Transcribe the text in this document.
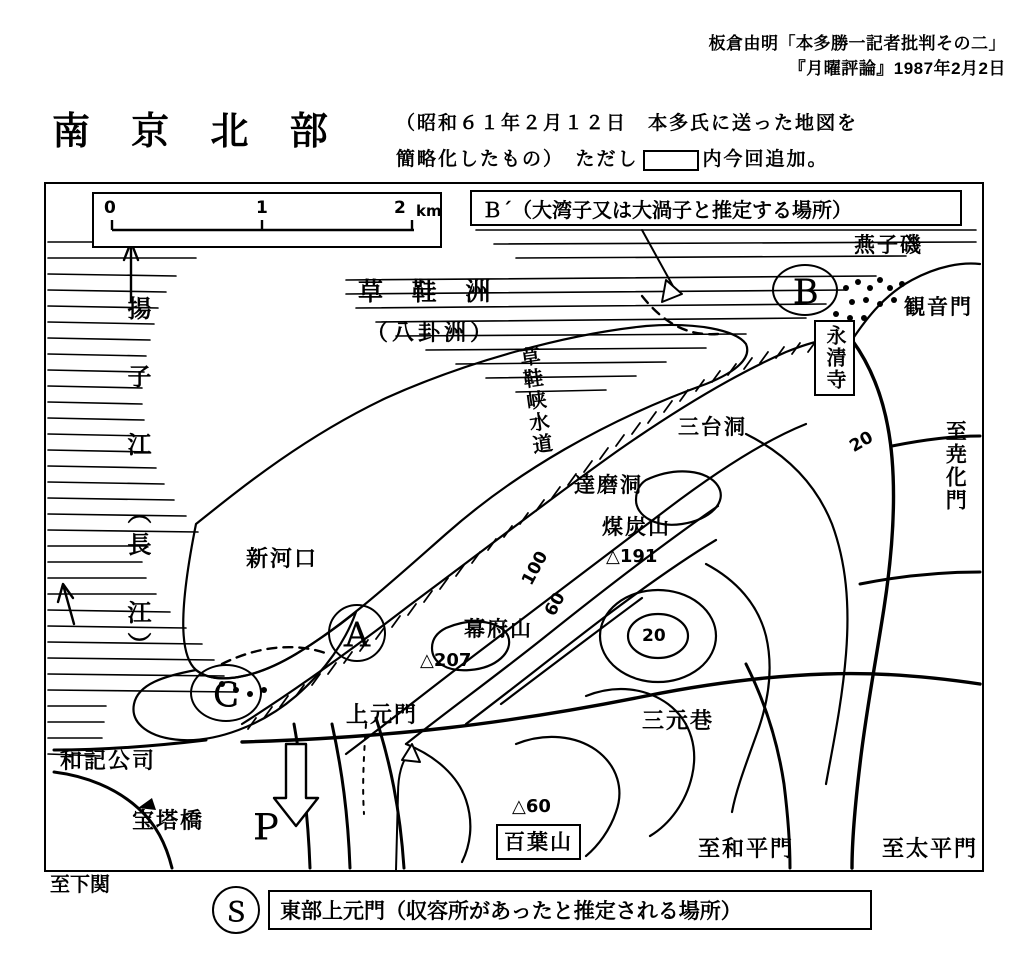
板倉由明「本多勝一記者批判その二」
『月曜評論』1987年2月2日
南 京 北 部	（昭和６１年２月１２日　本多氏に送った地図を
簡略化したもの）　ただし	内今回追加。
0	1	2 km Ｂ´（大湾子又は大渦子と推定する場所）
揚 子 江 （長 江）
草 鞋 洲
（八卦洲）
草鞋峡水道
新河口
燕子磯
観音門
永清寺
三台洞
達磨洞
煤炭山
△191
幕府山
△207
100
60
20
20
上元門	三元巷
△60
百葉山
和記公司
宝塔橋
至尭化門
至和平門	至太平門
Ａ
Ｂ
Ｃ
Ｐ
至下関
Ｓ	東部上元門（収容所があったと推定される場所）
